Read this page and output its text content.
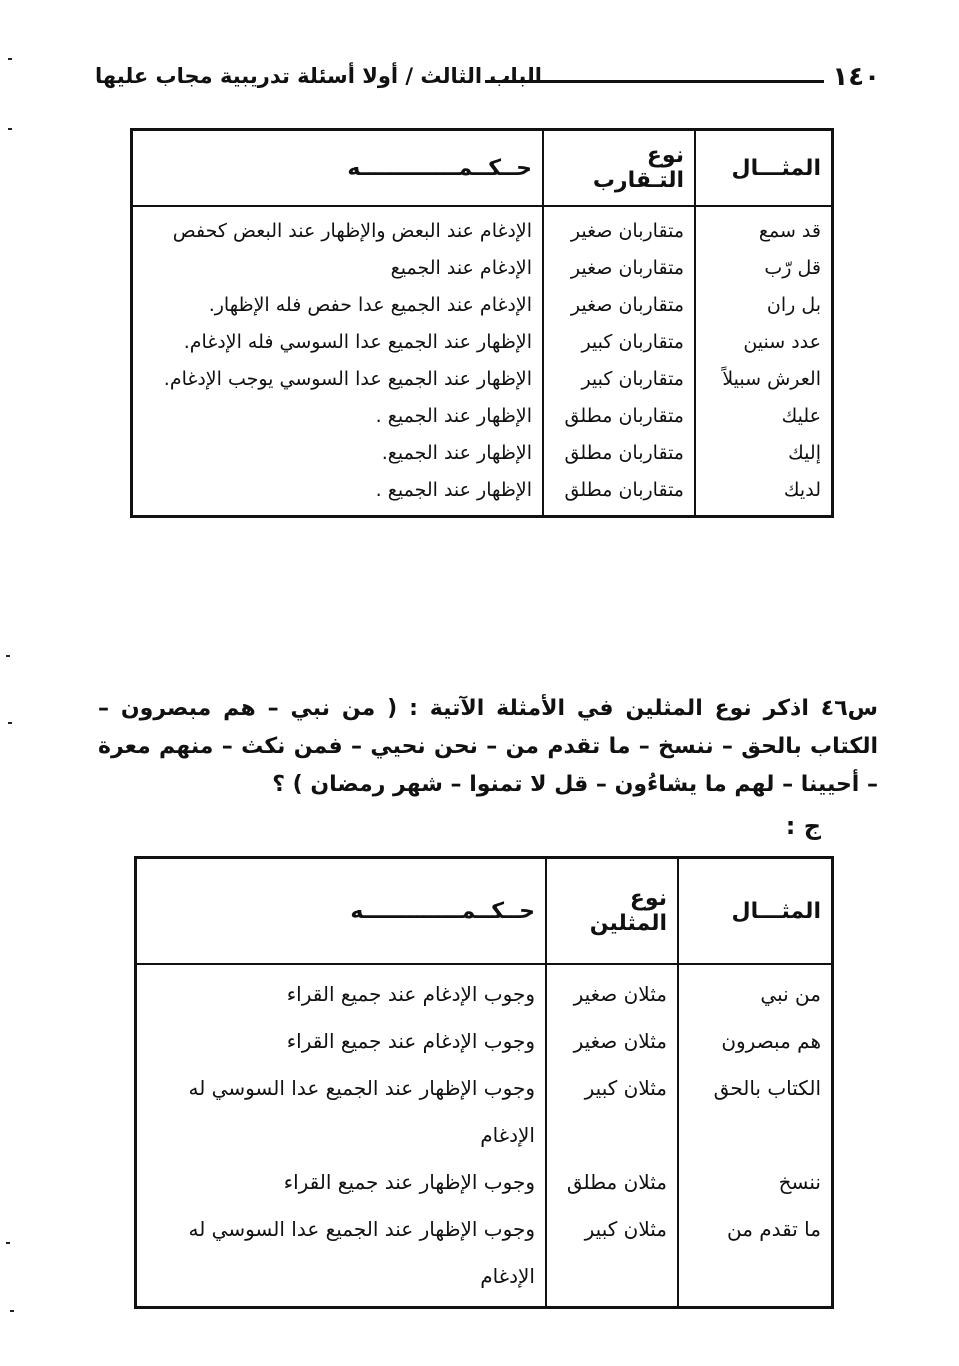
١٤٠
الباب الثالث / أولا أسئلة تدريبية مجاب عليها
المثـــال	نوع التـقارب	حــكــمـــــــــــــه
قد سمع	متقاربان صغير	الإدغام عند البعض والإظهار عند البعض كحفص
قل رّب	متقاربان صغير	الإدغام عند الجميع
بل ران	متقاربان صغير	الإدغام عند الجميع عدا حفص فله الإظهار.
عدد سنين	متقاربان كبير	الإظهار عند الجميع عدا السوسي فله الإدغام.
العرش سبيلاً	متقاربان كبير	الإظهار عند الجميع عدا السوسي يوجب الإدغام.
عليك	متقاربان مطلق	الإظهار عند الجميع .
إليك	متقاربان مطلق	الإظهار عند الجميع.
لديك	متقاربان مطلق	الإظهار عند الجميع .

س٤٦ اذكر نوع المثلين في الأمثلة الآتية : ( من نبي – هم مبصرون – الكتاب بالحق – ننسخ – ما تقدم من – نحن نحيي – فمن نكث – منهم معرة – أحيينا – لهم ما يشاءُون – قل لا تمنوا – شهر رمضان ) ؟

ج :
المثـــال	نوع المثلين	حــكــمـــــــــــــه
من نبي	مثلان صغير	وجوب الإدغام عند جميع القراء
هم مبصرون	مثلان صغير	وجوب الإدغام عند جميع القراء
الكتاب بالحق	مثلان كبير	وجوب الإظهار عند الجميع عدا السوسي له الإدغام
ننسخ	مثلان مطلق	وجوب الإظهار عند جميع القراء
ما تقدم من	مثلان كبير	وجوب الإظهار عند الجميع عدا السوسي له الإدغام
